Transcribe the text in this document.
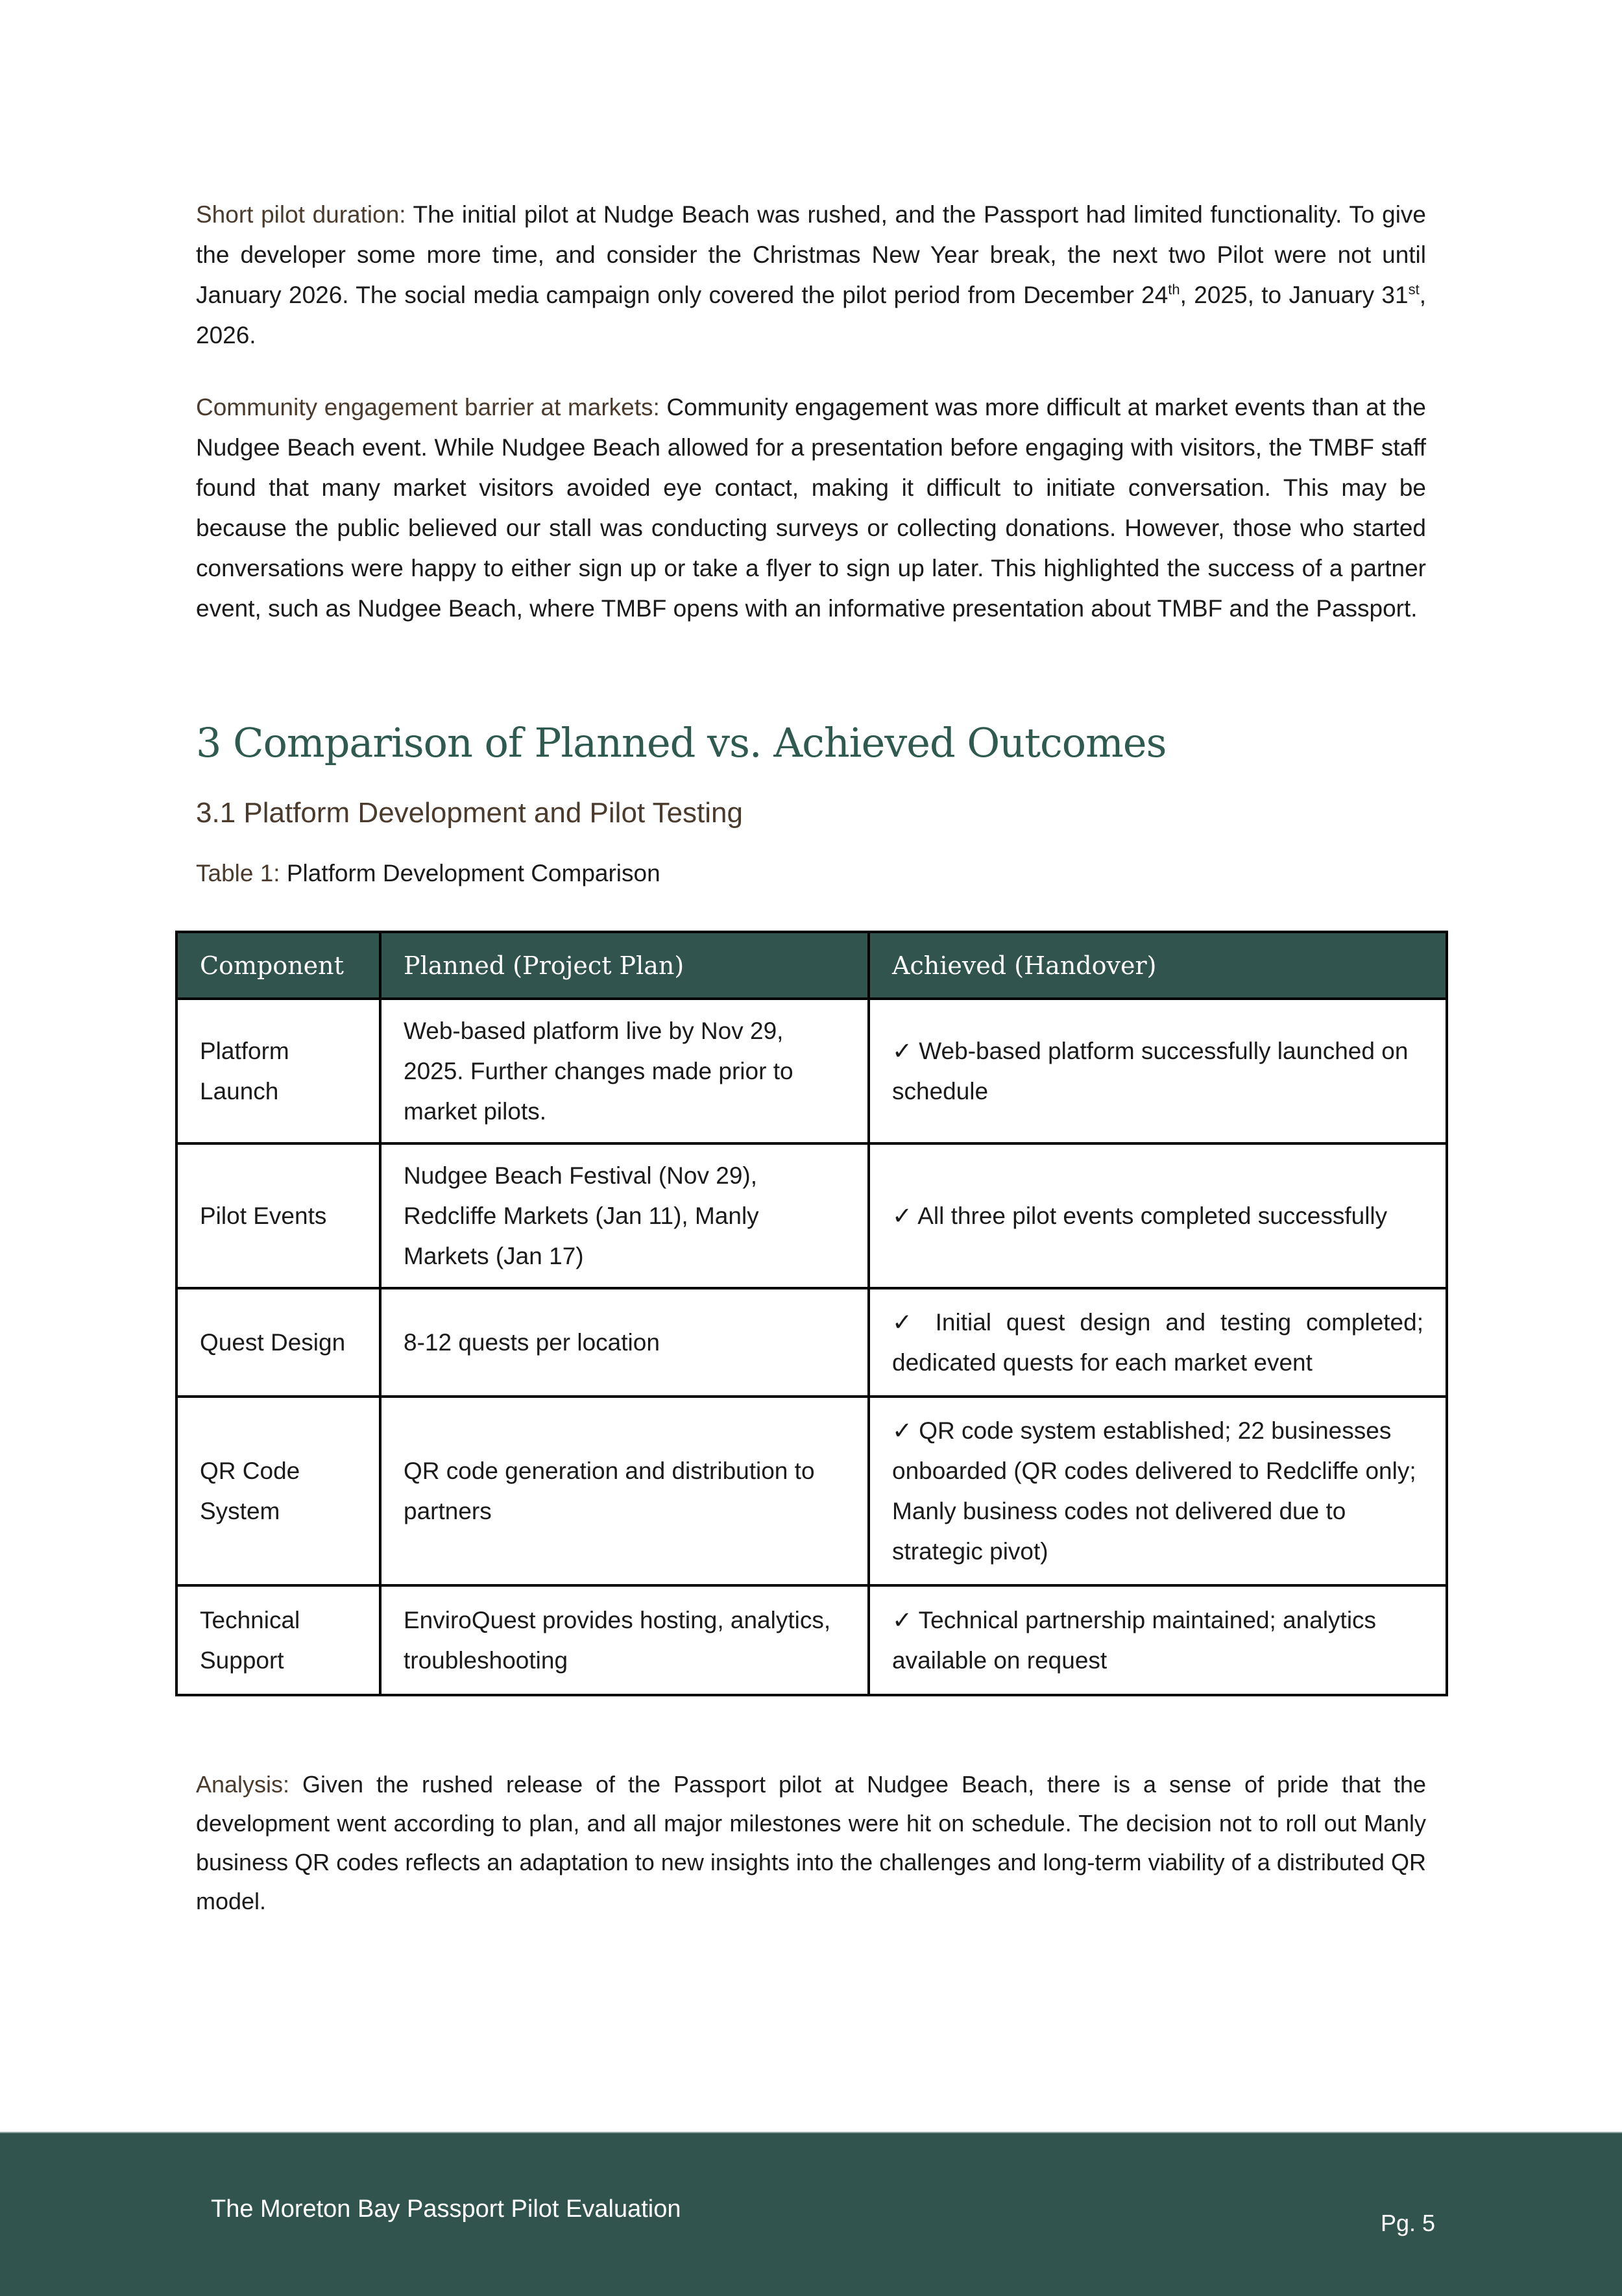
Short pilot duration: The initial pilot at Nudge Beach was rushed, and the Passport had limited functionality. To give the developer some more time, and consider the Christmas New Year break, the next two Pilot were not until January 2026. The social media campaign only covered the pilot period from December 24th, 2025, to January 31st, 2026.

Community engagement barrier at markets: Community engagement was more difficult at market events than at the Nudgee Beach event. While Nudgee Beach allowed for a presentation before engaging with visitors, the TMBF staff found that many market visitors avoided eye contact, making it difficult to initiate conversation. This may be because the public believed our stall was conducting surveys or collecting donations. However, those who started conversations were happy to either sign up or take a flyer to sign up later. This highlighted the success of a partner event, such as Nudgee Beach, where TMBF opens with an informative presentation about TMBF and the Passport.

3 Comparison of Planned vs. Achieved Outcomes
3.1 Platform Development and Pilot Testing
Table 1: Platform Development Comparison
Component	Planned (Project Plan)	Achieved (Handover)
Platform Launch	Web-based platform live by Nov 29, 2025. Further changes made prior to market pilots.	✓ Web-based platform successfully launched on schedule
Pilot Events	Nudgee Beach Festival (Nov 29), Redcliffe Markets (Jan 11), Manly Markets (Jan 17)	✓ All three pilot events completed successfully
Quest Design	8-12 quests per location	✓ Initial quest design and testing completed; dedicated quests for each market event
QR Code System	QR code generation and distribution to partners	✓ QR code system established; 22 businesses onboarded (QR codes delivered to Redcliffe only; Manly business codes not delivered due to strategic pivot)
Technical Support	EnviroQuest provides hosting, analytics, troubleshooting	✓ Technical partnership maintained; analytics available on request

Analysis: Given the rushed release of the Passport pilot at Nudgee Beach, there is a sense of pride that the development went according to plan, and all major milestones were hit on schedule. The decision not to roll out Manly business QR codes reflects an adaptation to new insights into the challenges and long-term viability of a distributed QR model.

The Moreton Bay Passport Pilot Evaluation
Pg. 5
